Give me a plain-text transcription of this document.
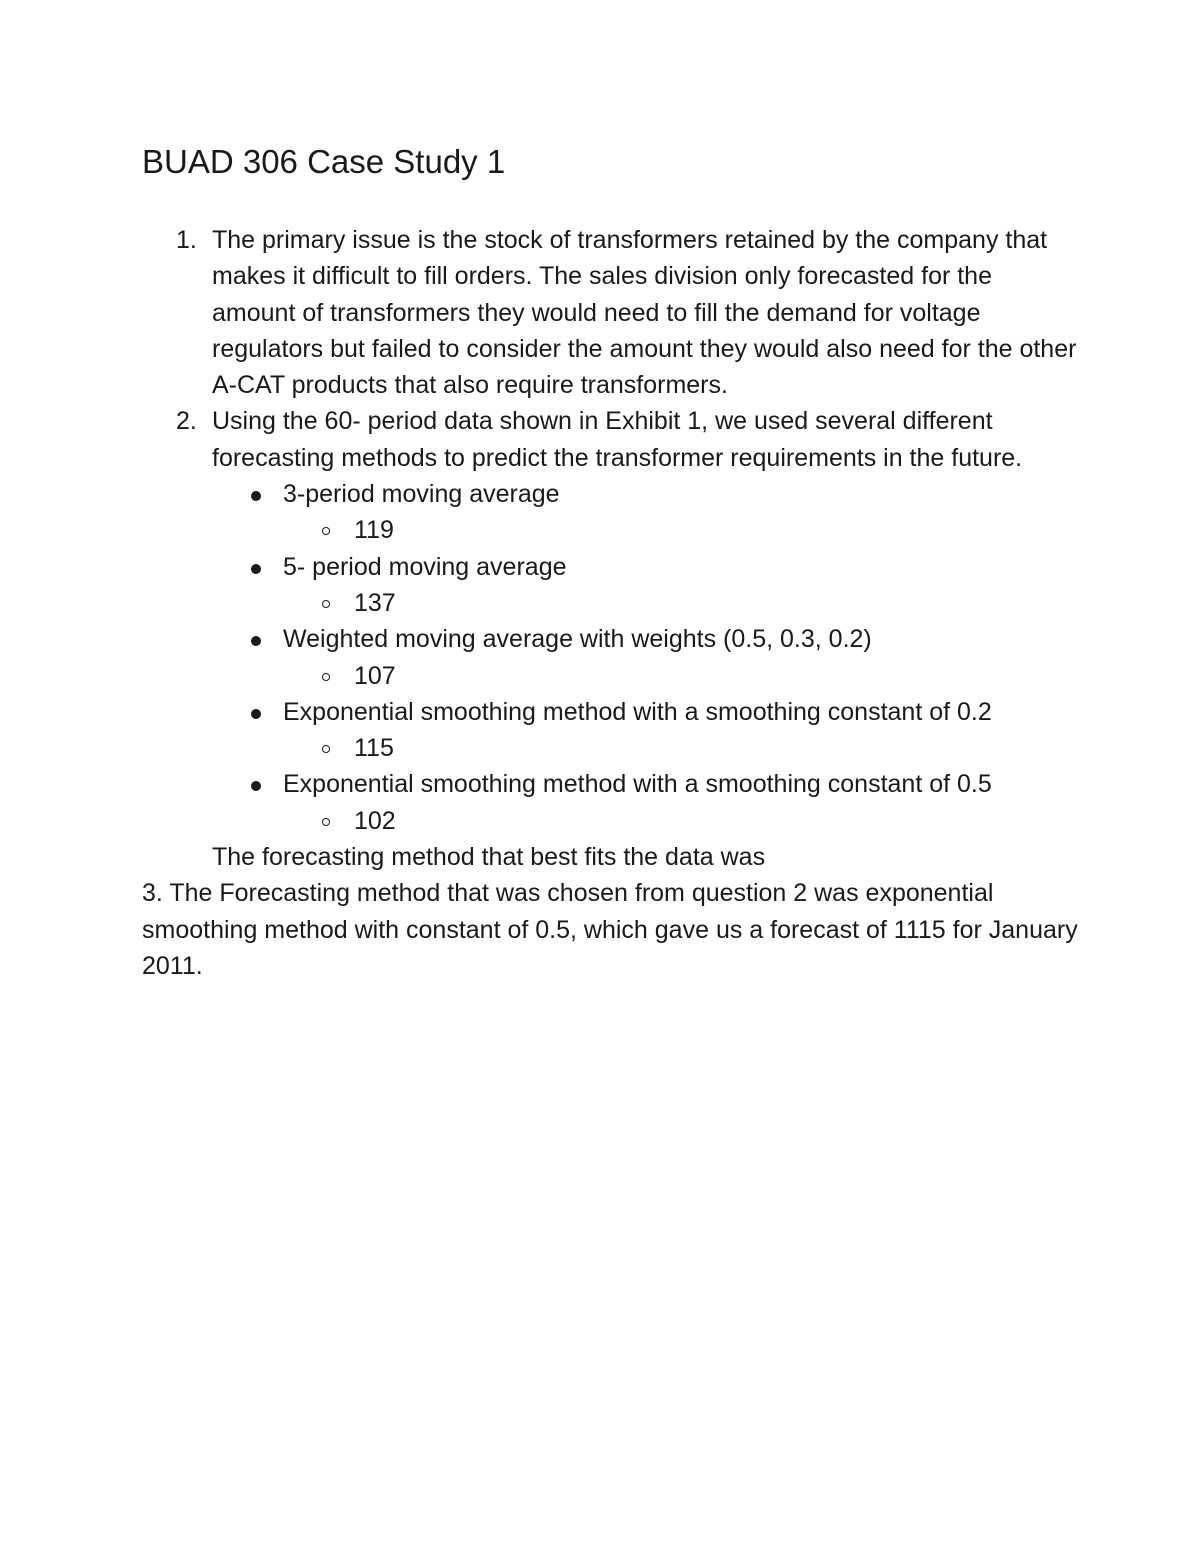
BUAD 306 Case Study 1
1. The primary issue is the stock of transformers retained by the company that makes it difficult to fill orders. The sales division only forecasted for the amount of transformers they would need to fill the demand for voltage regulators but failed to consider the amount they would also need for the other A-CAT products that also require transformers.
2. Using the 60- period data shown in Exhibit 1, we used several different forecasting methods to predict the transformer requirements in the future.
3-period moving average
119
5- period moving average
137
Weighted moving average with weights (0.5, 0.3, 0.2)
107
Exponential smoothing method with a smoothing constant of 0.2
115
Exponential smoothing method with a smoothing constant of 0.5
102
The forecasting method that best fits the data was
3. The Forecasting method that was chosen from question 2 was exponential smoothing method with constant of 0.5, which gave us a forecast of 1115 for January 2011.
